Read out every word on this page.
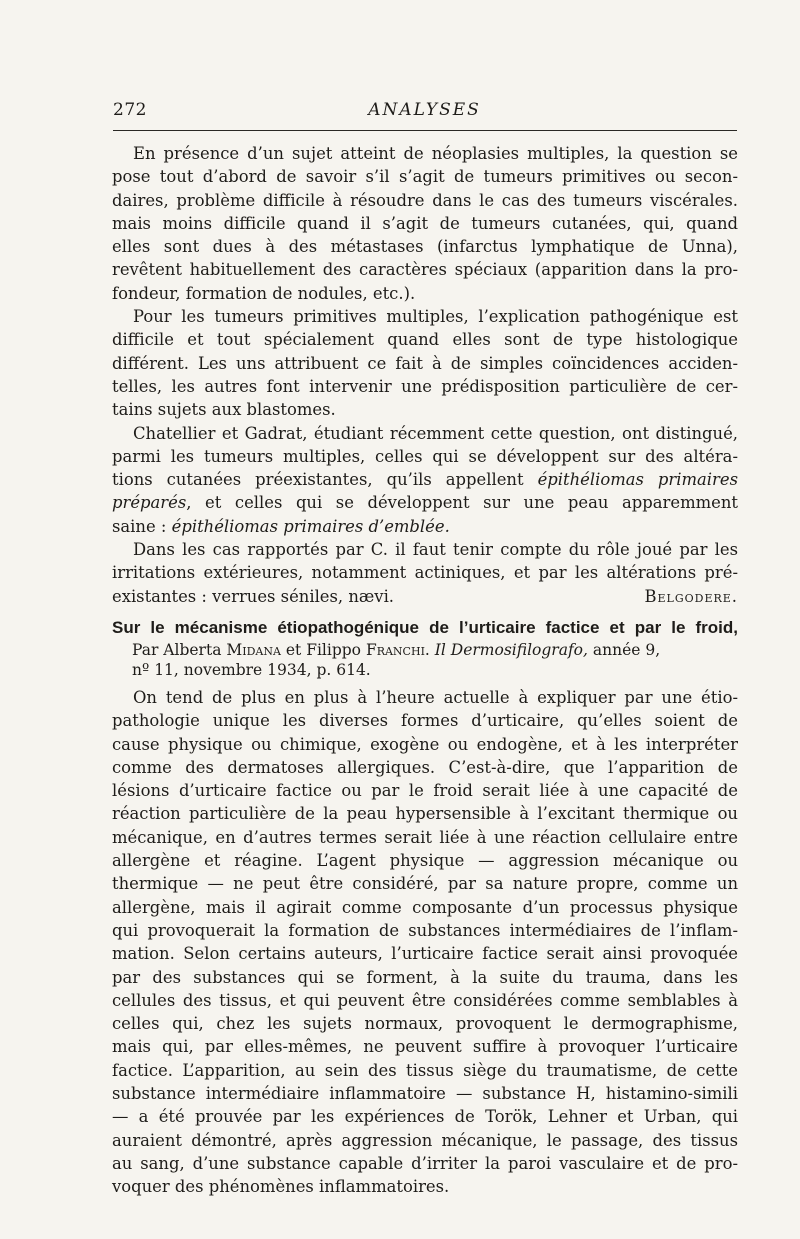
272	ANALYSES
En présence d’un sujet atteint de néoplasies multiples, la question se
pose tout d’abord de savoir s’il s’agit de tumeurs primitives ou secon-
daires, problème difficile à résoudre dans le cas des tumeurs viscérales.
mais moins difficile quand il s’agit de tumeurs cutanées, qui, quand
elles sont dues à des métastases (infarctus lymphatique de Unna),
revêtent habituellement des caractères spéciaux (apparition dans la pro-
fondeur, formation de nodules, etc.).
Pour les tumeurs primitives multiples, l’explication pathogénique est
difficile et tout spécialement quand elles sont de type histologique
différent. Les uns attribuent ce fait à de simples coïncidences acciden-
telles, les autres font intervenir une prédisposition particulière de cer-
tains sujets aux blastomes.
Chatellier et Gadrat, étudiant récemment cette question, ont distingué,
parmi les tumeurs multiples, celles qui se développent sur des altéra-
tions cutanées préexistantes, qu’ils appellent épithéliomas primaires
préparés, et celles qui se développent sur une peau apparemment
saine : épithéliomas primaires d’emblée.
Dans les cas rapportés par C. il faut tenir compte du rôle joué par les
irritations extérieures, notamment actiniques, et par les altérations pré-
existantes : verrues séniles, nævi.	Belgodere.
Sur le mécanisme étiopathogénique de l’urticaire factice et par le froid,
Par Alberta Midana et Filippo Franchi. Il Dermosifilografo, année 9,
nº 11, novembre 1934, p. 614.
On tend de plus en plus à l’heure actuelle à expliquer par une étio-
pathologie unique les diverses formes d’urticaire, qu’elles soient de
cause physique ou chimique, exogène ou endogène, et à les interpréter
comme des dermatoses allergiques. C’est-à-dire, que l’apparition de
lésions d’urticaire factice ou par le froid serait liée à une capacité de
réaction particulière de la peau hypersensible à l’excitant thermique ou
mécanique, en d’autres termes serait liée à une réaction cellulaire entre
allergène et réagine. L’agent physique — aggression mécanique ou
thermique — ne peut être considéré, par sa nature propre, comme un
allergène, mais il agirait comme composante d’un processus physique
qui provoquerait la formation de substances intermédiaires de l’inflam-
mation. Selon certains auteurs, l’urticaire factice serait ainsi provoquée
par des substances qui se forment, à la suite du trauma, dans les
cellules des tissus, et qui peuvent être considérées comme semblables à
celles qui, chez les sujets normaux, provoquent le dermographisme,
mais qui, par elles-mêmes, ne peuvent suffire à provoquer l’urticaire
factice. L’apparition, au sein des tissus siège du traumatisme, de cette
substance intermédiaire inflammatoire — substance H, histamino-simili
— a été prouvée par les expériences de Torök, Lehner et Urban, qui
auraient démontré, après aggression mécanique, le passage, des tissus
au sang, d’une substance capable d’irriter la paroi vasculaire et de pro-
voquer des phénomènes inflammatoires.
